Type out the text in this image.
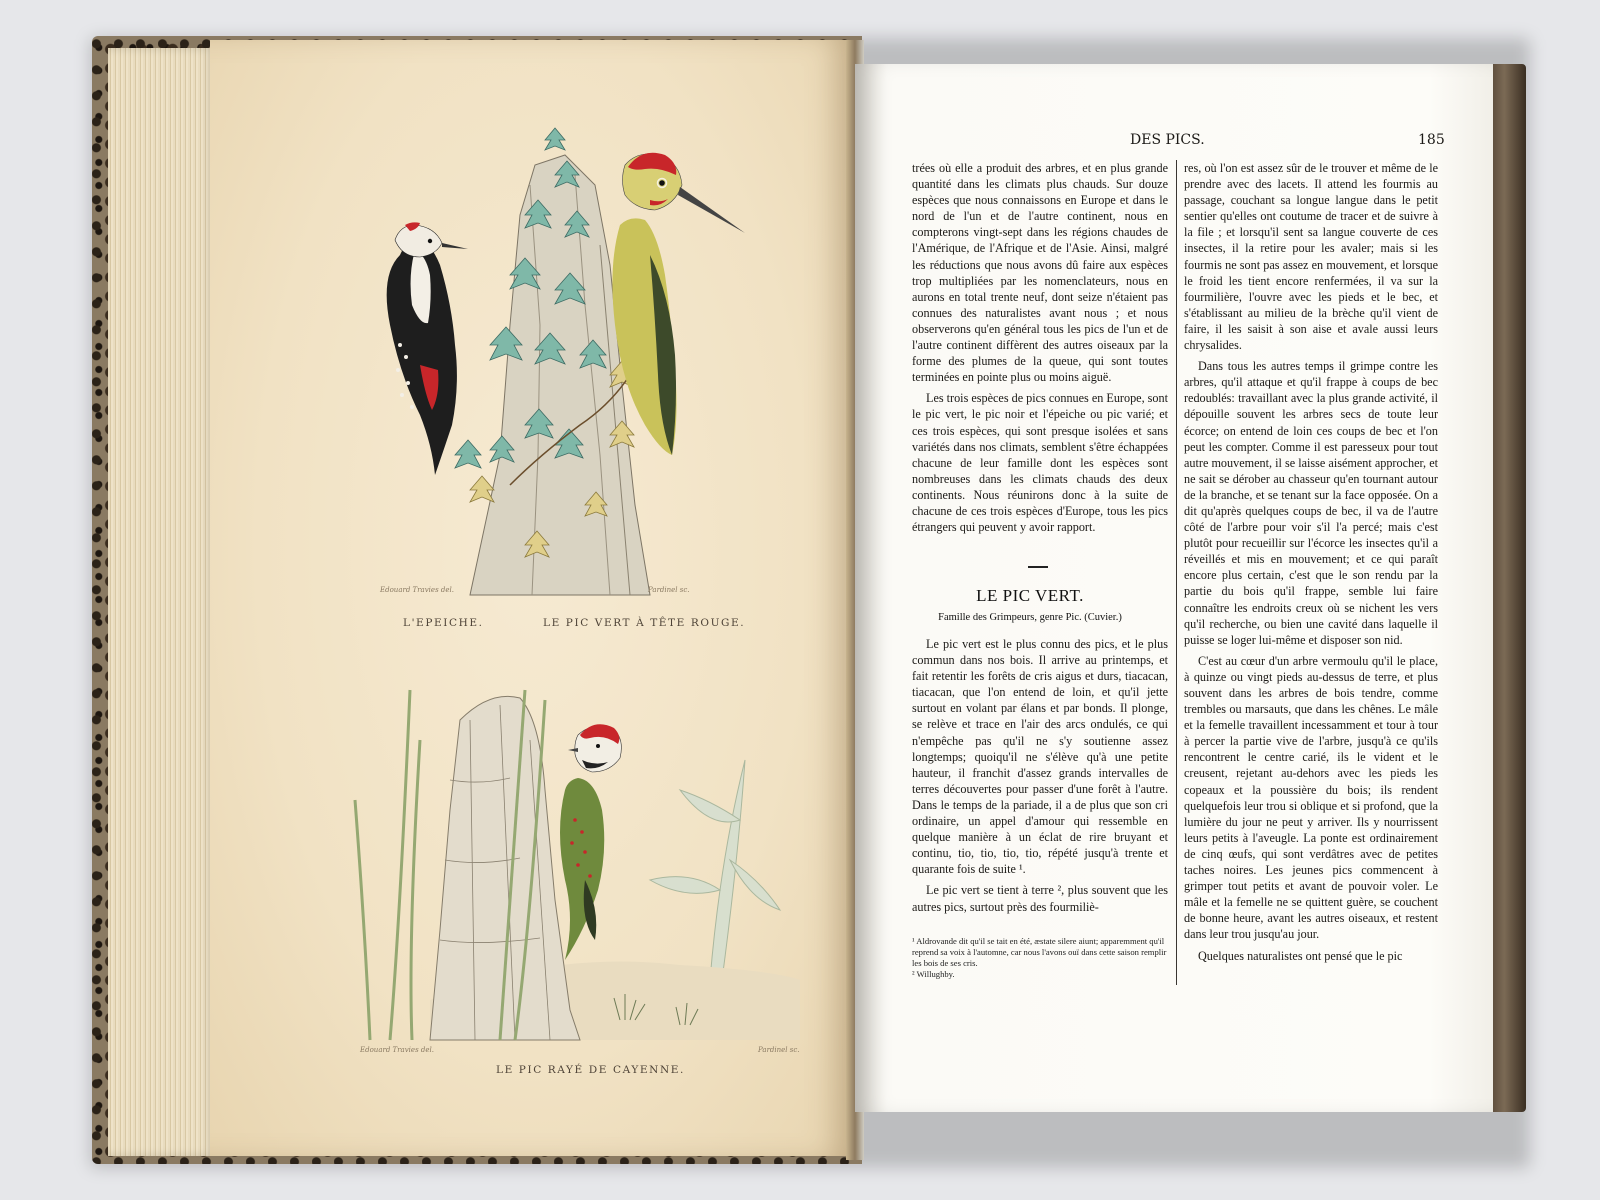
Edouard Travies del.	Pardinel sc.
L'EPEICHE.	LE PIC VERT À TÊTE ROUGE.
Edouard Travies del.	Pardinel sc.
LE PIC RAYÉ DE CAYENNE.
DES PICS.	185

trées où elle a produit des arbres, et en plus grande quantité dans les climats plus chauds. Sur douze espèces que nous connaissons en Europe et dans le nord de l'un et de l'autre continent, nous en compterons vingt-sept dans les régions chaudes de l'Amérique, de l'Afrique et de l'Asie. Ainsi, malgré les réductions que nous avons dû faire aux espèces trop multipliées par les nomenclateurs, nous en aurons en total trente neuf, dont seize n'étaient pas connues des naturalistes avant nous ; et nous observerons qu'en général tous les pics de l'un et de l'autre continent diffèrent des autres oiseaux par la forme des plumes de la queue, qui sont toutes terminées en pointe plus ou moins aiguë.

Les trois espèces de pics connues en Europe, sont le pic vert, le pic noir et l'épeiche ou pic varié; et ces trois espèces, qui sont presque isolées et sans variétés dans nos climats, semblent s'être échappées chacune de leur famille dont les espèces sont nombreuses dans les climats chauds des deux continents. Nous réunirons donc à la suite de chacune de ces trois espèces d'Europe, tous les pics étrangers qui peuvent y avoir rapport.

LE PIC VERT.
Famille des Grimpeurs, genre Pic. (Cuvier.)

Le pic vert est le plus connu des pics, et le plus commun dans nos bois. Il arrive au printemps, et fait retentir les forêts de cris aigus et durs, tiacacan, tiacacan, que l'on entend de loin, et qu'il jette surtout en volant par élans et par bonds. Il plonge, se relève et trace en l'air des arcs ondulés, ce qui n'empêche pas qu'il ne s'y soutienne assez longtemps; quoiqu'il ne s'élève qu'à une petite hauteur, il franchit d'assez grands intervalles de terres découvertes pour passer d'une forêt à l'autre. Dans le temps de la pariade, il a de plus que son cri ordinaire, un appel d'amour qui ressemble en quelque manière à un éclat de rire bruyant et continu, tio, tio, tio, tio, répété jusqu'à trente et quarante fois de suite ¹.

Le pic vert se tient à terre ², plus souvent que les autres pics, surtout près des fourmiliè-

¹ Aldrovande dit qu'il se tait en été, æstate silere aiunt; apparemment qu'il reprend sa voix à l'automne, car nous l'avons ouï dans cette saison remplir les bois de ses cris.

² Willughby.

res, où l'on est assez sûr de le trouver et même de le prendre avec des lacets. Il attend les fourmis au passage, couchant sa longue langue dans le petit sentier qu'elles ont coutume de tracer et de suivre à la file ; et lorsqu'il sent sa langue couverte de ces insectes, il la retire pour les avaler; mais si les fourmis ne sont pas assez en mouvement, et lorsque le froid les tient encore renfermées, il va sur la fourmilière, l'ouvre avec les pieds et le bec, et s'établissant au milieu de la brèche qu'il vient de faire, il les saisit à son aise et avale aussi leurs chrysalides.

Dans tous les autres temps il grimpe contre les arbres, qu'il attaque et qu'il frappe à coups de bec redoublés: travaillant avec la plus grande activité, il dépouille souvent les arbres secs de toute leur écorce; on entend de loin ces coups de bec et l'on peut les compter. Comme il est paresseux pour tout autre mouvement, il se laisse aisément approcher, et ne sait se dérober au chasseur qu'en tournant autour de la branche, et se tenant sur la face opposée. On a dit qu'après quelques coups de bec, il va de l'autre côté de l'arbre pour voir s'il l'a percé; mais c'est plutôt pour recueillir sur l'écorce les insectes qu'il a réveillés et mis en mouvement; et ce qui paraît encore plus certain, c'est que le son rendu par la partie du bois qu'il frappe, semble lui faire connaître les endroits creux où se nichent les vers qu'il recherche, ou bien une cavité dans laquelle il puisse se loger lui-même et disposer son nid.

C'est au cœur d'un arbre vermoulu qu'il le place, à quinze ou vingt pieds au-dessus de terre, et plus souvent dans les arbres de bois tendre, comme trembles ou marsauts, que dans les chênes. Le mâle et la femelle travaillent incessamment et tour à tour à percer la partie vive de l'arbre, jusqu'à ce qu'ils rencontrent le centre carié, ils le vident et le creusent, rejetant au-dehors avec les pieds les copeaux et la poussière du bois; ils rendent quelquefois leur trou si oblique et si profond, que la lumière du jour ne peut y arriver. Ils y nourrissent leurs petits à l'aveugle. La ponte est ordinairement de cinq œufs, qui sont verdâtres avec de petites taches noires. Les jeunes pics commencent à grimper tout petits et avant de pouvoir voler. Le mâle et la femelle ne se quittent guère, se couchent de bonne heure, avant les autres oiseaux, et restent dans leur trou jusqu'au jour.

Quelques naturalistes ont pensé que le pic
